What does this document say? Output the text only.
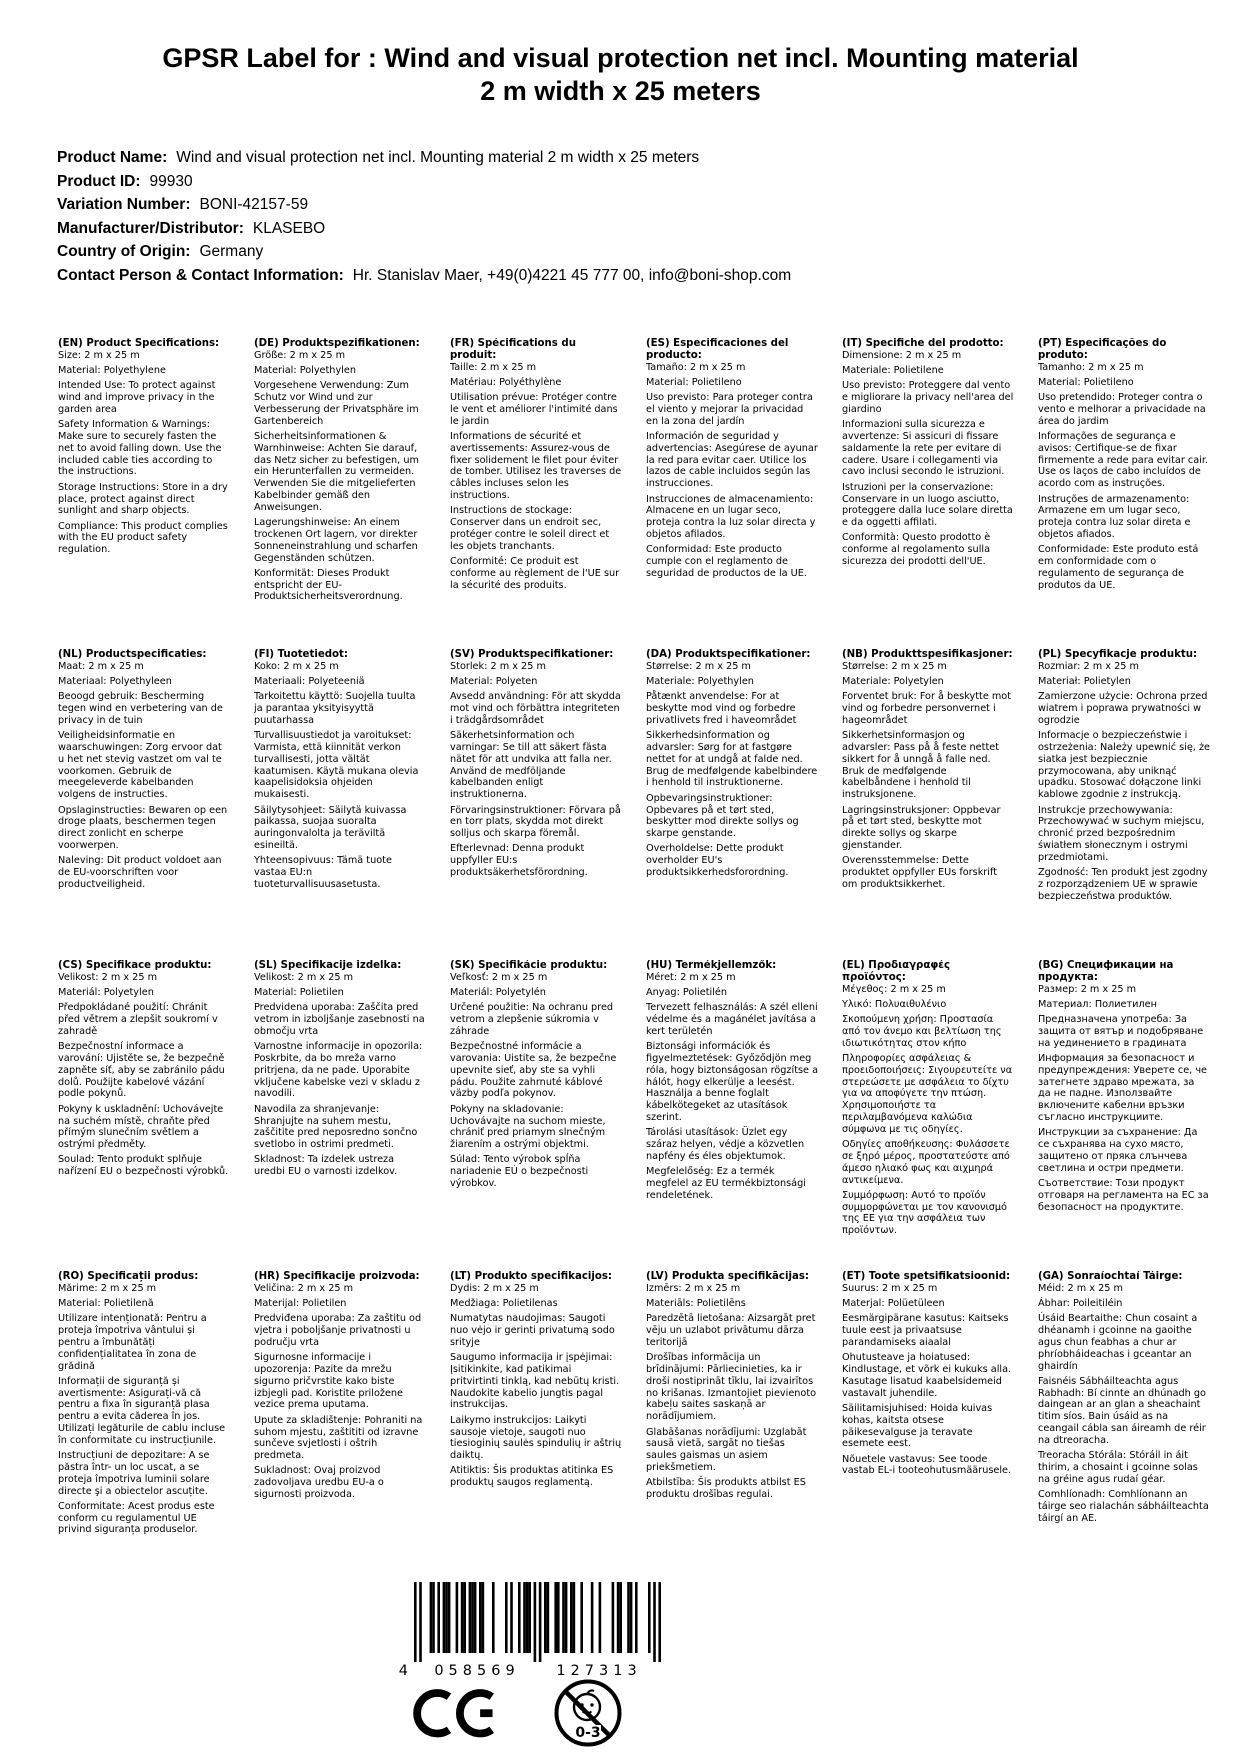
GPSR Label for : Wind and visual protection net incl. Mounting material 2 m width x 25 meters
Product Name: Wind and visual protection net incl. Mounting material 2 m width x 25 meters
Product ID: 99930
Variation Number: BONI-42157-59
Manufacturer/Distributor: KLASEBO
Country of Origin: Germany
Contact Person & Contact Information: Hr. Stanislav Maer, +49(0)4221 45 777 00, info@boni-shop.com
(EN) Product Specifications:

Size: 2 m x 25 m

Material: Polyethylene

Intended Use: To protect against wind and improve privacy in the garden area

Safety Information & Warnings: Make sure to securely fasten the net to avoid falling down. Use the included cable ties according to the instructions.

Storage Instructions: Store in a dry place, protect against direct sunlight and sharp objects.

Compliance: This product complies with the EU product safety regulation.

(DE) Produktspezifikationen:

Größe: 2 m x 25 m

Material: Polyethylen

Vorgesehene Verwendung: Zum Schutz vor Wind und zur Verbesserung der Privatsphäre im Gartenbereich

Sicherheitsinformationen & Warnhinweise: Achten Sie darauf, das Netz sicher zu befestigen, um ein Herunterfallen zu vermeiden. Verwenden Sie die mitgelieferten Kabelbinder gemäß den Anweisungen.

Lagerungshinweise: An einem trockenen Ort lagern, vor direkter Sonneneinstrahlung und scharfen Gegenständen schützen.

Konformität: Dieses Produkt entspricht der EU-Produktsicherheitsverordnung.

(FR) Spécifications du produit:

Taille: 2 m x 25 m

Matériau: Polyéthylène

Utilisation prévue: Protéger contre le vent et améliorer l'intimité dans le jardin

Informations de sécurité et avertissements: Assurez-vous de fixer solidement le filet pour éviter de tomber. Utilisez les traverses de câbles incluses selon les instructions.

Instructions de stockage: Conserver dans un endroit sec, protéger contre le soleil direct et les objets tranchants.

Conformité: Ce produit est conforme au règlement de l'UE sur la sécurité des produits.

(ES) Especificaciones del producto:

Tamaño: 2 m x 25 m

Material: Polietileno

Uso previsto: Para proteger contra el viento y mejorar la privacidad en la zona del jardín

Información de seguridad y advertencias: Asegúrese de ayunar la red para evitar caer. Utilice los lazos de cable incluidos según las instrucciones.

Instrucciones de almacenamiento: Almacene en un lugar seco, proteja contra la luz solar directa y objetos afilados.

Conformidad: Este producto cumple con el reglamento de seguridad de productos de la UE.

(IT) Specifiche del prodotto:

Dimensione: 2 m x 25 m

Materiale: Polietilene

Uso previsto: Proteggere dal vento e migliorare la privacy nell'area del giardino

Informazioni sulla sicurezza e avvertenze: Si assicuri di fissare saldamente la rete per evitare di cadere. Usare i collegamenti via cavo inclusi secondo le istruzioni.

Istruzioni per la conservazione: Conservare in un luogo asciutto, proteggere dalla luce solare diretta e da oggetti affilati.

Conformità: Questo prodotto è conforme al regolamento sulla sicurezza dei prodotti dell'UE.

(PT) Especificações do produto:

Tamanho: 2 m x 25 m

Material: Polietileno

Uso pretendido: Proteger contra o vento e melhorar a privacidade na área do jardim

Informações de segurança e avisos: Certifique-se de fixar firmemente a rede para evitar cair. Use os laços de cabo incluídos de acordo com as instruções.

Instruções de armazenamento: Armazene em um lugar seco, proteja contra luz solar direta e objetos afiados.

Conformidade: Este produto está em conformidade com o regulamento de segurança de produtos da UE.

(NL) Productspecificaties:

Maat: 2 m x 25 m

Materiaal: Polyethyleen

Beoogd gebruik: Bescherming tegen wind en verbetering van de privacy in de tuin

Veiligheidsinformatie en waarschuwingen: Zorg ervoor dat u het net stevig vastzet om val te voorkomen. Gebruik de meegeleverde kabelbanden volgens de instructies.

Opslaginstructies: Bewaren op een droge plaats, beschermen tegen direct zonlicht en scherpe voorwerpen.

Naleving: Dit product voldoet aan de EU-voorschriften voor productveiligheid.

(FI) Tuotetiedot:

Koko: 2 m x 25 m

Materiaali: Polyeteeniä

Tarkoitettu käyttö: Suojella tuulta ja parantaa yksityisyyttä puutarhassa

Turvallisuustiedot ja varoitukset: Varmista, että kiinnität verkon turvallisesti, jotta vältät kaatumisen. Käytä mukana olevia kaapelisidoksia ohjeiden mukaisesti.

Säilytysohjeet: Säilytä kuivassa paikassa, suojaa suoralta auringonvalolta ja teräviltä esineiltä.

Yhteensopivuus: Tämä tuote vastaa EU:n tuoteturvallisuusasetusta.

(SV) Produktspecifikationer:

Storlek: 2 m x 25 m

Material: Polyeten

Avsedd användning: För att skydda mot vind och förbättra integriteten i trädgårdsområdet

Säkerhetsinformation och varningar: Se till att säkert fästa nätet för att undvika att falla ner. Använd de medföljande kabelbanden enligt instruktionerna.

Förvaringsinstruktioner: Förvara på en torr plats, skydda mot direkt solljus och skarpa föremål.

Efterlevnad: Denna produkt uppfyller EU:s produktsäkerhetsförordning.

(DA) Produktspecifikationer:

Størrelse: 2 m x 25 m

Materiale: Polyethylen

Påtænkt anvendelse: For at beskytte mod vind og forbedre privatlivets fred i haveområdet

Sikkerhedsinformation og advarsler: Sørg for at fastgøre nettet for at undgå at falde ned. Brug de medfølgende kabelbindere i henhold til instruktionerne.

Opbevaringsinstruktioner: Opbevares på et tørt sted, beskytter mod direkte sollys og skarpe genstande.

Overholdelse: Dette produkt overholder EU's produktsikkerhedsforordning.

(NB) Produkttspesifikasjoner:

Størrelse: 2 m x 25 m

Materiale: Polyetylen

Forventet bruk: For å beskytte mot vind og forbedre personvernet i hageområdet

Sikkerhetsinformasjon og advarsler: Pass på å feste nettet sikkert for å unngå å falle ned. Bruk de medfølgende kabelbåndene i henhold til instruksjonene.

Lagringsinstruksjoner: Oppbevar på et tørt sted, beskytte mot direkte sollys og skarpe gjenstander.

Overensstemmelse: Dette produktet oppfyller EUs forskrift om produktsikkerhet.

(PL) Specyfikacje produktu:

Rozmiar: 2 m x 25 m

Materiał: Polietylen

Zamierzone użycie: Ochrona przed wiatrem i poprawa prywatności w ogrodzie

Informacje o bezpieczeństwie i ostrzeżenia: Należy upewnić się, że siatka jest bezpiecznie przymocowana, aby uniknąć upadku. Stosować dołączone linki kablowe zgodnie z instrukcją.

Instrukcje przechowywania: Przechowywać w suchym miejscu, chronić przed bezpośrednim światłem słonecznym i ostrymi przedmiotami.

Zgodność: Ten produkt jest zgodny z rozporządzeniem UE w sprawie bezpieczeństwa produktów.

(CS) Specifikace produktu:

Velikost: 2 m x 25 m

Materiál: Polyetylen

Předpokládané použití: Chránit před větrem a zlepšit soukromí v zahradě

Bezpečnostní informace a varování: Ujistěte se, že bezpečně zapněte síť, aby se zabránilo pádu dolů. Použijte kabelové vázání podle pokynů.

Pokyny k uskladnění: Uchovávejte na suchém místě, chraňte před přímým slunečním světlem a ostrými předměty.

Soulad: Tento produkt splňuje nařízení EU o bezpečnosti výrobků.

(SL) Specifikacije izdelka:

Velikost: 2 m x 25 m

Material: Polietilen

Predvidena uporaba: Zaščita pred vetrom in izboljšanje zasebnosti na območju vrta

Varnostne informacije in opozorila: Poskrbite, da bo mreža varno pritrjena, da ne pade. Uporabite vključene kabelske vezi v skladu z navodili.

Navodila za shranjevanje: Shranjujte na suhem mestu, zaščitite pred neposredno sončno svetlobo in ostrimi predmeti.

Skladnost: Ta izdelek ustreza uredbi EU o varnosti izdelkov.

(SK) Špecifikácie produktu:

Veľkosť: 2 m x 25 m

Materiál: Polyetylén

Určené použitie: Na ochranu pred vetrom a zlepšenie súkromia v záhrade

Bezpečnostné informácie a varovania: Uistite sa, že bezpečne upevnite sieť, aby ste sa vyhli pádu. Použite zahrnuté káblové väzby podľa pokynov.

Pokyny na skladovanie: Uchovávajte na suchom mieste, chrániť pred priamym slnečným žiarením a ostrými objektmi.

Súlad: Tento výrobok spĺňa nariadenie EÚ o bezpečnosti výrobkov.

(HU) Termékjellemzők:

Méret: 2 m x 25 m

Anyag: Polietilén

Tervezett felhasználás: A szél elleni védelme és a magánélet javítása a kert területén

Biztonsági információk és figyelmeztetések: Győződjön meg róla, hogy biztonságosan rögzítse a hálót, hogy elkerülje a leesést. Használja a benne foglalt kábelkötegeket az utasítások szerint.

Tárolási utasítások: Üzlet egy száraz helyen, védje a közvetlen napfény és éles objektumok.

Megfelelőség: Ez a termék megfelel az EU termékbiztonsági rendeletének.

(EL) Προδιαγραφές προϊόντος:

Μέγεθος: 2 m x 25 m

Υλικό: Πολυαιθυλένιο

Σκοπούμενη χρήση: Προστασία από τον άνεμο και βελτίωση της ιδιωτικότητας στον κήπο

Πληροφορίες ασφάλειας & προειδοποιήσεις: Σιγουρευτείτε να στερεώσετε με ασφάλεια το δίχτυ για να αποφύγετε την πτώση. Χρησιμοποιήστε τα περιλαμβανόμενα καλώδια σύμφωνα με τις οδηγίες.

Οδηγίες αποθήκευσης: Φυλάσσετε σε ξηρό μέρος, προστατεύστε από άμεσο ηλιακό φως και αιχμηρά αντικείμενα.

Συμμόρφωση: Αυτό το προϊόν συμμορφώνεται με τον κανονισμό της ΕΕ για την ασφάλεια των προϊόντων.

(BG) Спецификации на продукта:

Размер: 2 m x 25 m

Материал: Полиетилен

Предназначена употреба: За защита от вятър и подобряване на уединението в градината

Информация за безопасност и предупреждения: Уверете се, че затегнете здраво мрежата, за да не падне. Използвайте включените кабелни връзки съгласно инструкциите.

Инструкции за съхранение: Да се съхранява на сухо място, защитено от пряка слънчева светлина и остри предмети.

Съответствие: Този продукт отговаря на регламента на ЕС за безопасност на продуктите.

(RO) Specificații produs:

Mărime: 2 m x 25 m

Material: Polietilenă

Utilizare intenționată: Pentru a proteja împotriva vântului și pentru a îmbunătăți confidențialitatea în zona de grădină

Informații de siguranță și avertismente: Asigurați-vă că pentru a fixa în siguranță plasa pentru a evita căderea în jos. Utilizați legăturile de cablu incluse în conformitate cu instrucțiunile.

Instrucțiuni de depozitare: A se păstra într- un loc uscat, a se proteja împotriva luminii solare directe şi a obiectelor ascuțite.

Conformitate: Acest produs este conform cu regulamentul UE privind siguranța produselor.

(HR) Specifikacije proizvoda:

Veličina: 2 m x 25 m

Materijal: Polietilen

Predviđena uporaba: Za zaštitu od vjetra i poboljšanje privatnosti u području vrta

Sigurnosne informacije i upozorenja: Pazite da mrežu sigurno pričvrstite kako biste izbjegli pad. Koristite priložene vezice prema uputama.

Upute za skladištenje: Pohraniti na suhom mjestu, zaštititi od izravne sunčeve svjetlosti i oštrih predmeta.

Sukladnost: Ovaj proizvod zadovoljava uredbu EU-a o sigurnosti proizvoda.

(LT) Produkto specifikacijos:

Dydis: 2 m x 25 m

Medžiaga: Polietilenas

Numatytas naudojimas: Saugoti nuo vėjo ir gerinti privatumą sodo srityje

Saugumo informacija ir įspėjimai: Įsitikinkite, kad patikimai pritvirtinti tinklą, kad nebūtų kristi. Naudokite kabelio jungtis pagal instrukcijas.

Laikymo instrukcijos: Laikyti sausoje vietoje, saugoti nuo tiesioginių saulės spindulių ir aštrių daiktų.

Atitiktis: Šis produktas atitinka ES produktų saugos reglamentą.

(LV) Produkta specifikācijas:

Izmērs: 2 m x 25 m

Materiāls: Polietilēns

Paredzētā lietošana: Aizsargāt pret vēju un uzlabot privātumu dārza teritorijā

Drošības informācija un brīdinājumi: Pārliecinieties, ka ir droši nostiprināt tīklu, lai izvairītos no krišanas. Izmantojiet pievienoto kabeļu saites saskaņā ar norādījumiem.

Glabāšanas norādījumi: Uzglabāt sausā vietā, sargāt no tiešas saules gaismas un asiem priekšmetiem.

Atbilstība: Šis produkts atbilst ES produktu drošības regulai.

(ET) Toote spetsifikatsioonid:

Suurus: 2 m x 25 m

Materjal: Polüetüleen

Eesmärgipärane kasutus: Kaitseks tuule eest ja privaatsuse parandamiseks aiaalal

Ohutusteave ja hoiatused: Kindlustage, et võrk ei kukuks alla. Kasutage lisatud kaabelsidemeid vastavalt juhendile.

Säilitamisjuhised: Hoida kuivas kohas, kaitsta otsese päikesevalguse ja teravate esemete eest.

Nõuetele vastavus: See toode vastab EL-i tooteohutusmäärusele.

(GA) Sonraíochtaí Táirge:

Méid: 2 m x 25 m

Ábhar: Poileitiléin

Úsáid Beartaithe: Chun cosaint a dhéanamh i gcoinne na gaoithe agus chun feabhas a chur ar phríobháideachas i gceantar an ghairdín

Faisnéis Sábháilteachta agus Rabhadh: Bí cinnte an dhúnadh go daingean ar an glan a sheachaint titim síos. Bain úsáid as na ceangail cábla san áireamh de réir na dtreoracha.

Treoracha Stórála: Stóráil in áit thirim, a chosaint i gcoinne solas na gréine agus rudaí géar.

Comhlíonadh: Comhlíonann an táirge seo rialachán sábháilteachta táirgí an AE.

4 058569	127313
0-3
